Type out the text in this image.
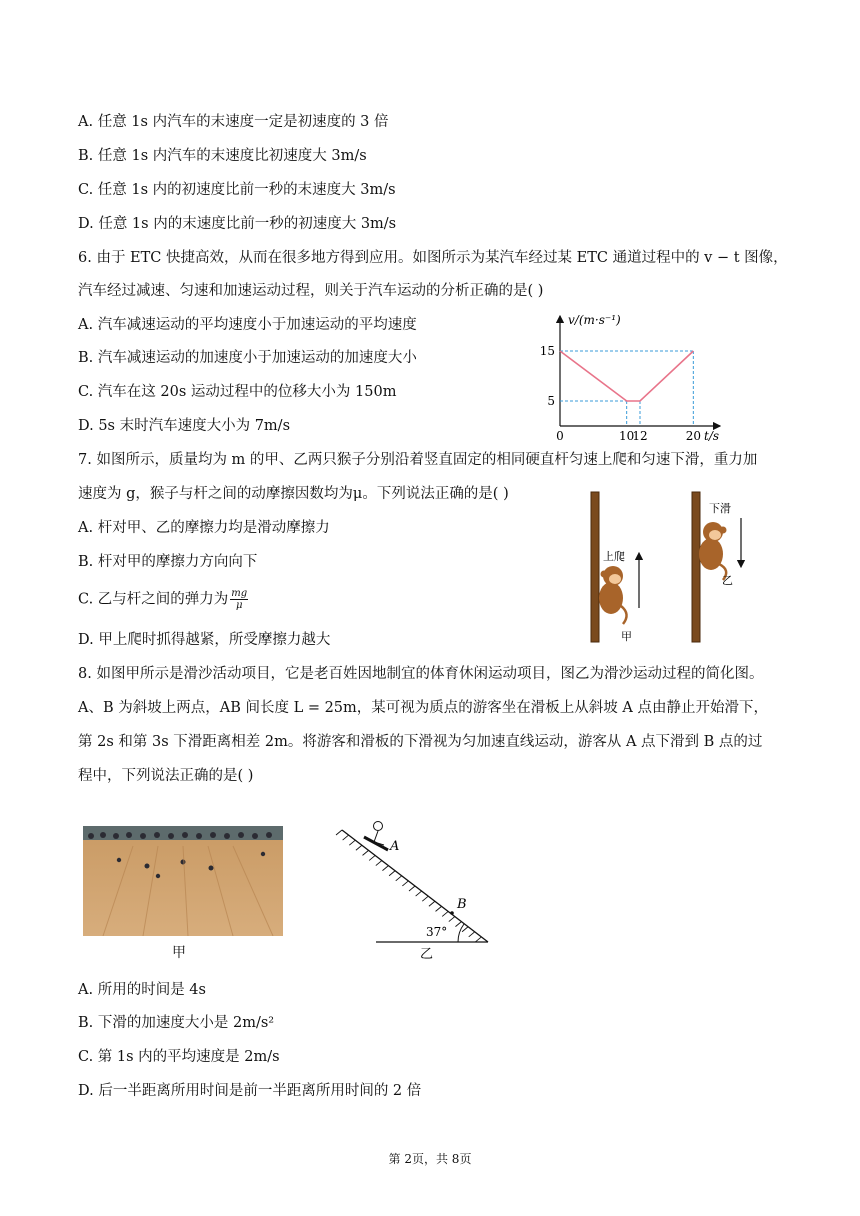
A. 任意 1s 内汽车的末速度一定是初速度的 3 倍
B. 任意 1s 内汽车的末速度比初速度大 3m/s
C. 任意 1s 内的初速度比前一秒的末速度大 3m/s
D. 任意 1s 内的末速度比前一秒的初速度大 3m/s
6. 由于 ETC 快捷高效，从而在很多地方得到应用。如图所示为某汽车经过某 ETC 通道过程中的 v − t 图像，
汽车经过减速、匀速和加速运动过程，则关于汽车运动的分析正确的是( )
A. 汽车减速运动的平均速度小于加速运动的平均速度
B. 汽车减速运动的加速度小于加速运动的加速度大小
C. 汽车在这 20s 运动过程中的位移大小为 150m
D. 5s 末时汽车速度大小为 7m/s
0	10
12	20
5
15
v/(m·s⁻¹)
t/s
7. 如图所示，质量均为 m 的甲、乙两只猴子分别沿着竖直固定的相同硬直杆匀速上爬和匀速下滑，重力加
速度为 g，猴子与杆之间的动摩擦因数均为μ。下列说法正确的是( )
A. 杆对甲、乙的摩擦力均是滑动摩擦力
B. 杆对甲的摩擦力方向向下
C. 乙与杆之间的弹力为 $\frac{mg}{\mu}$
D. 甲上爬时抓得越紧，所受摩擦力越大
上爬
下滑
甲
乙
8. 如图甲所示是滑沙活动项目，它是老百姓因地制宜的体育休闲运动项目，图乙为滑沙运动过程的简化图。
A、B 为斜坡上两点，AB 间长度 L = 25m，某可视为质点的游客坐在滑板上从斜坡 A 点由静止开始滑下，
第 2s 和第 3s 下滑距离相差 2m。将游客和滑板的下滑视为匀加速直线运动，游客从 A 点下滑到 B 点的过
程中，下列说法正确的是( )
甲
A
B
37°
乙
A. 所用的时间是 4s
B. 下滑的加速度大小是 2m/s²
C. 第 1s 内的平均速度是 2m/s
D. 后一半距离所用时间是前一半距离所用时间的 2 倍
第 2页，共 8页
